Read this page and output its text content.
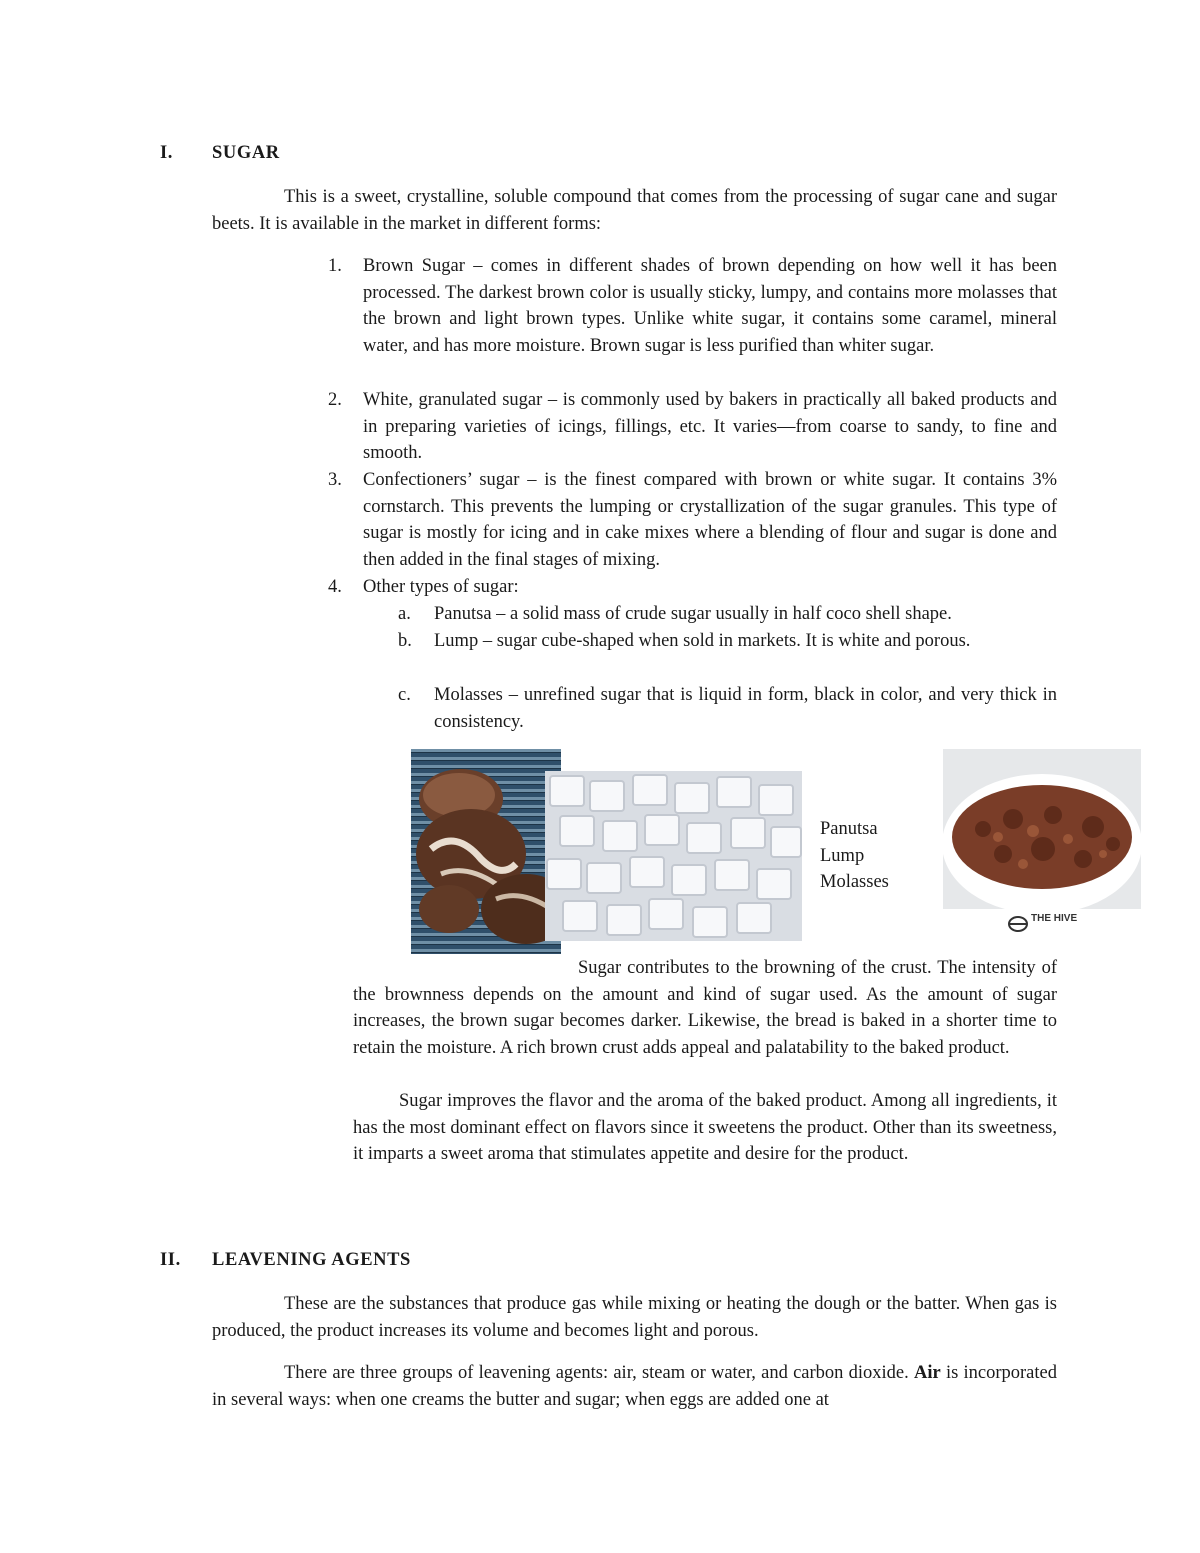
I. SUGAR
This is a sweet, crystalline, soluble compound that comes from the processing of sugar cane and sugar beets. It is available in the market in different forms:
1. Brown Sugar – comes in different shades of brown depending on how well it has been processed. The darkest brown color is usually sticky, lumpy, and contains more molasses that the brown and light brown types. Unlike white sugar, it contains some caramel, mineral water, and has more moisture. Brown sugar is less purified than whiter sugar.
2. White, granulated sugar – is commonly used by bakers in practically all baked products and in preparing varieties of icings, fillings, etc. It varies—from coarse to sandy, to fine and smooth.
3. Confectioners’ sugar – is the finest compared with brown or white sugar. It contains 3% cornstarch. This prevents the lumping or crystallization of the sugar granules. This type of sugar is mostly for icing and in cake mixes where a blending of flour and sugar is done and then added in the final stages of mixing.
4. Other types of sugar:
a. Panutsa – a solid mass of crude sugar usually in half coco shell shape.
b. Lump – sugar cube-shaped when sold in markets. It is white and porous.
c. Molasses – unrefined sugar that is liquid in form, black in color, and very thick in consistency.
Panutsa
Lump
Molasses
THE HIVE
Sugar contributes to the browning of the crust. The intensity of the brownness depends on the amount and kind of sugar used. As the amount of sugar increases, the brown sugar becomes darker. Likewise, the bread is baked in a shorter time to retain the moisture. A rich brown crust adds appeal and palatability to the baked product.
Sugar improves the flavor and the aroma of the baked product. Among all ingredients, it has the most dominant effect on flavors since it sweetens the product. Other than its sweetness, it imparts a sweet aroma that stimulates appetite and desire for the product.
II. LEAVENING AGENTS
These are the substances that produce gas while mixing or heating the dough or the batter. When gas is produced, the product increases its volume and becomes light and porous.
There are three groups of leavening agents: air, steam or water, and carbon dioxide. Air is incorporated in several ways: when one creams the butter and sugar; when eggs are added one at
